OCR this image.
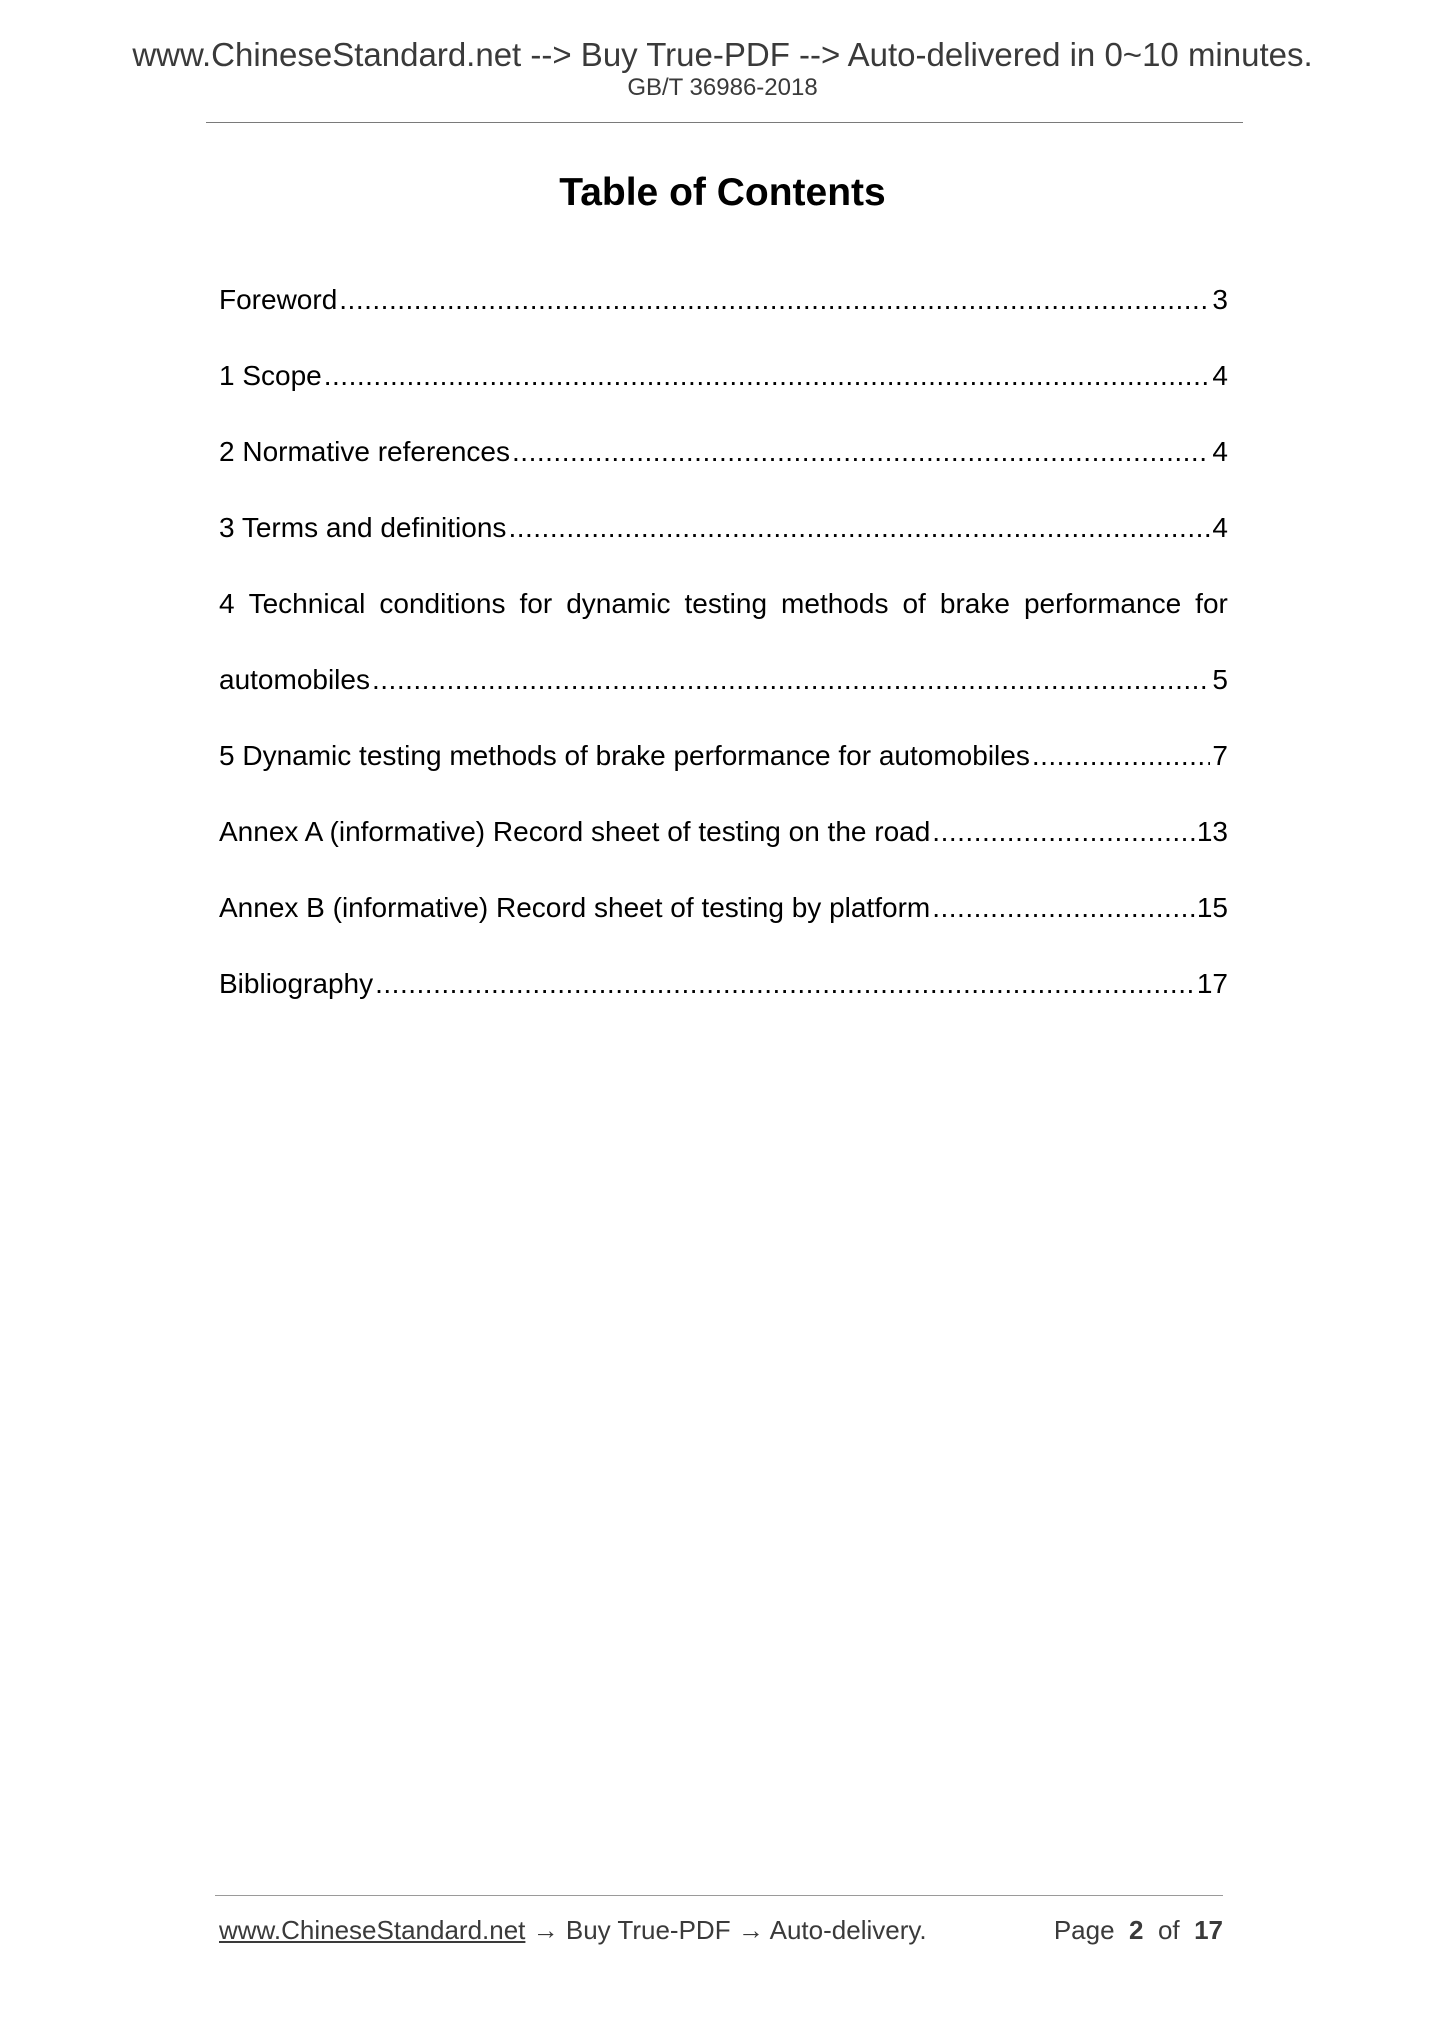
www.ChineseStandard.net --> Buy True-PDF --> Auto-delivered in 0~10 minutes.
GB/T 36986-2018
Table of Contents
Foreword .....	3
1 Scope .....	4
2 Normative references .....	4
3 Terms and definitions .....	4
4 Technical conditions for dynamic testing methods of brake performance for
automobiles .....	5
5 Dynamic testing methods of brake performance for automobiles .....	7
Annex A (informative) Record sheet of testing on the road .....	13
Annex B (informative) Record sheet of testing by platform .....	15
Bibliography .....	17
www.ChineseStandard.net → Buy True-PDF → Auto-delivery.	Page 2 of 17
